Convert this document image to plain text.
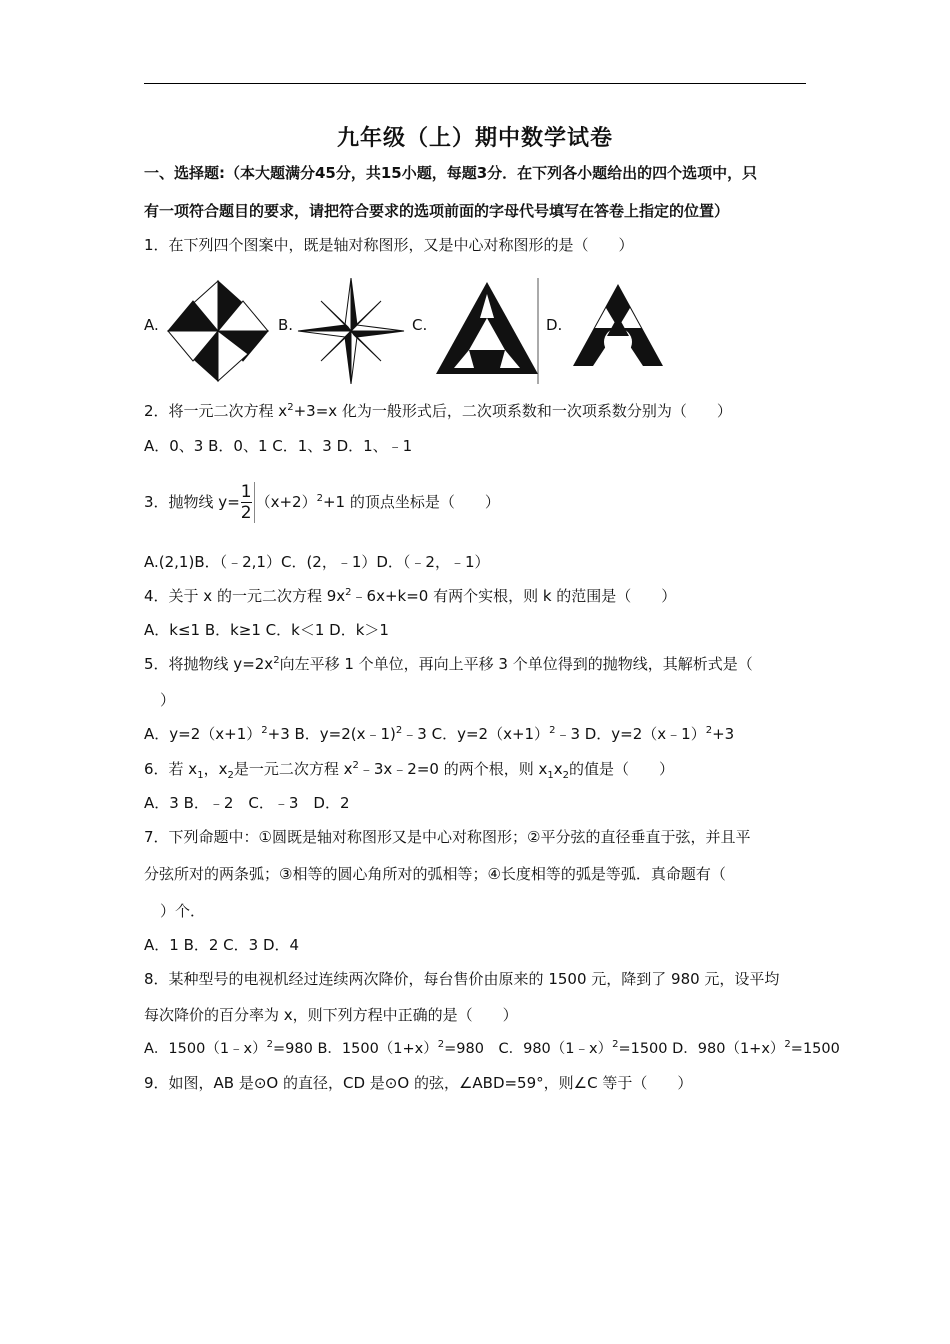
九年级（上）期中数学试卷
一、选择题:（本大题满分45分，共15小题，每题3分．在下列各小题给出的四个选项中，只
有一项符合题目的要求，请把符合要求的选项前面的字母代号填写在答卷上指定的位置）
1．在下列四个图案中，既是轴对称图形，又是中心对称图形的是（　　）
A.	B.	C.	D.
2．将一元二次方程 $x^2+3=x$ 化为一般形式后，二次项系数和一次项系数分别为（　　）
A．0、3 B．0、1 C．1、3 D．1、﹣1
3．抛物线 $y= \frac{1}{2} (x+2)^2+1$ 的顶点坐标是（　　）
A.(2,1)B．（﹣2,1）C．(2，﹣1）D．（﹣2，﹣1）
4．关于 x 的一元二次方程 $9x^2﹣6x+k=0$ 有两个实根，则 k 的范围是（　　）
A．k≤1 B．k≥1 C．k＜1 D．k＞1
5．将抛物线 $y=2x^2$向左平移 1 个单位，再向上平移 3 个单位得到的抛物线，其解析式是（
）
A．$y=2(x+1)^2+3$ B．y=2(x﹣1)$^2$﹣3 C．$y=2(x+1)^2﹣3$ D．y=2（x﹣1）$^2$+3
6．若 $x_1$，$x_2$是一元二次方程 $x^2﹣3x﹣2=0$ 的两个根，则 $x_1x_2$的值是（　　）
A．3 B．﹣2　C．﹣3　D．2
7．下列命题中：①圆既是轴对称图形又是中心对称图形；②平分弦的直径垂直于弦，并且平
分弦所对的两条弧；③相等的圆心角所对的弧相等；④长度相等的弧是等弧．真命题有（
）个．
A．1 B．2 C．3 D．4
8．某种型号的电视机经过连续两次降价，每台售价由原来的 1500 元，降到了 980 元，设平均
每次降价的百分率为 x，则下列方程中正确的是（　　）
A．1500（1﹣x）$^2$=980 B．$1500(1+x)^2=980$　C．980（1﹣x）$^2$=1500 D．$980(1+x)^2=1500$
9．如图，AB 是⊙O 的直径，CD 是⊙O 的弦，∠ABD=59°，则∠C 等于（　　）
